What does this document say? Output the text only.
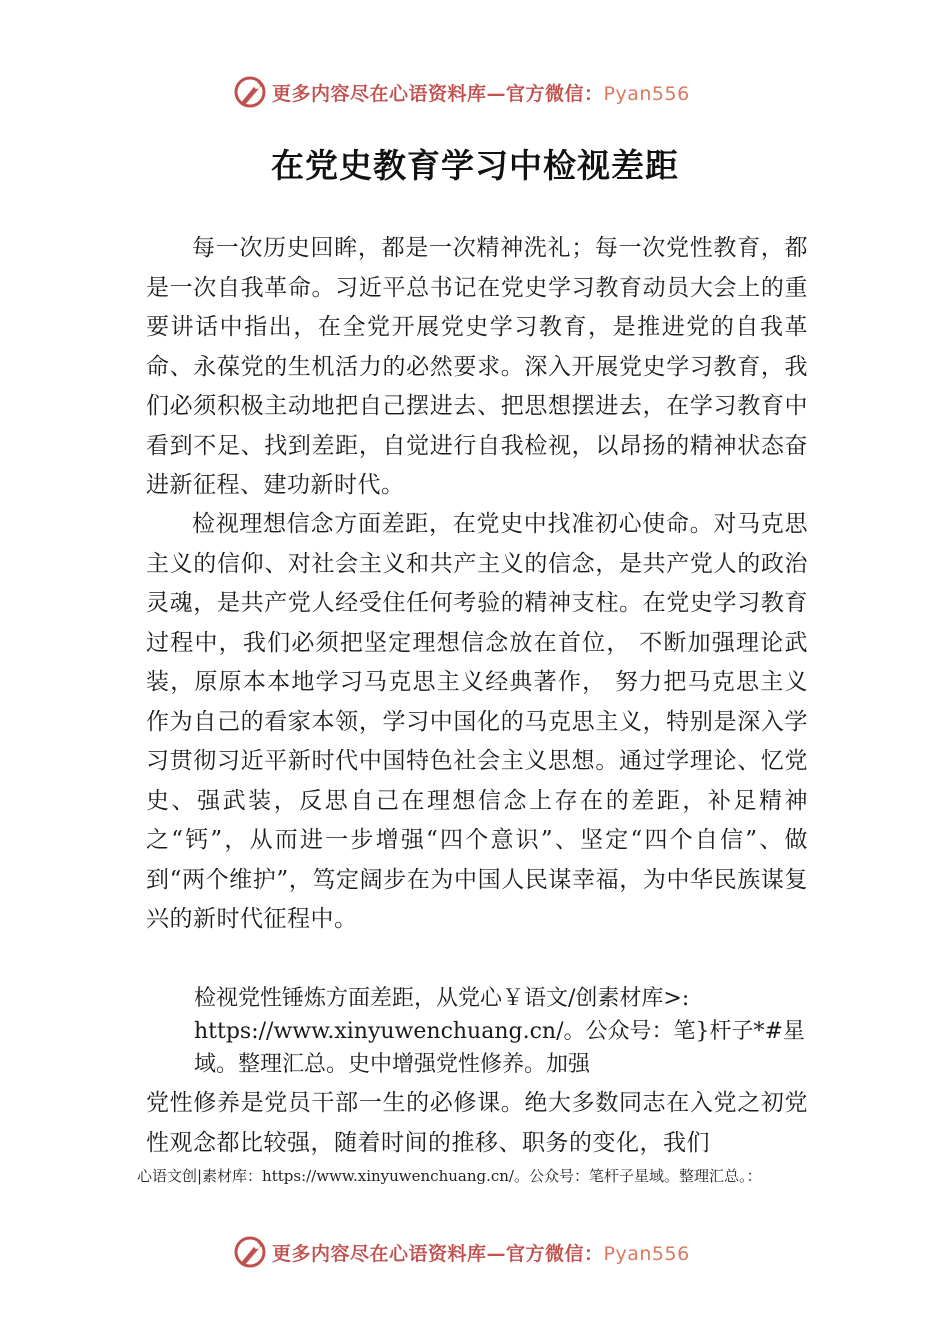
更多内容尽在心语资料库—官方微信：Pyan556
在党史教育学习中检视差距

每一次历史回眸，都是一次精神洗礼；每一次党性教育，都是一次自我革命。习近平总书记在党史学习教育动员大会上的重要讲话中指出，在全党开展党史学习教育，是推进党的自我革命、永葆党的生机活力的必然要求。深入开展党史学习教育，我们必须积极主动地把自己摆进去、把思想摆进去，在学习教育中看到不足、找到差距，自觉进行自我检视，以昂扬的精神状态奋进新征程、建功新时代。

检视理想信念方面差距，在党史中找准初心使命。对马克思主义的信仰、对社会主义和共产主义的信念，是共产党人的政治灵魂，是共产党人经受住任何考验的精神支柱。在党史学习教育过程中，我们必须把坚定理想信念放在首位， 不断加强理论武装，原原本本地学习马克思主义经典著作， 努力把马克思主义作为自己的看家本领，学习中国化的马克思主义，特别是深入学习贯彻习近平新时代中国特色社会主义思想。通过学理论、忆党史、强武装，反思自己在理想信念上存在的差距，补足精神之“钙”，从而进一步增强“四个意识”、坚定“四个自信”、做到“两个维护”，笃定阔步在为中国人民谋幸福，为中华民族谋复兴的新时代征程中。

检视党性锤炼方面差距，从党心￥语文/创素材库>: https://www.xinyuwenchuang.cn/。公众号：笔}杆子*#星域。整理汇总。史中增强党性修养。加强

党性修养是党员干部一生的必修课。绝大多数同志在入党之初党性观念都比较强，随着时间的推移、职务的变化，我们

心语文创|素材库：https://www.xinyuwenchuang.cn/。公众号：笔杆子星域。整理汇总。：

更多内容尽在心语资料库—官方微信：Pyan556
